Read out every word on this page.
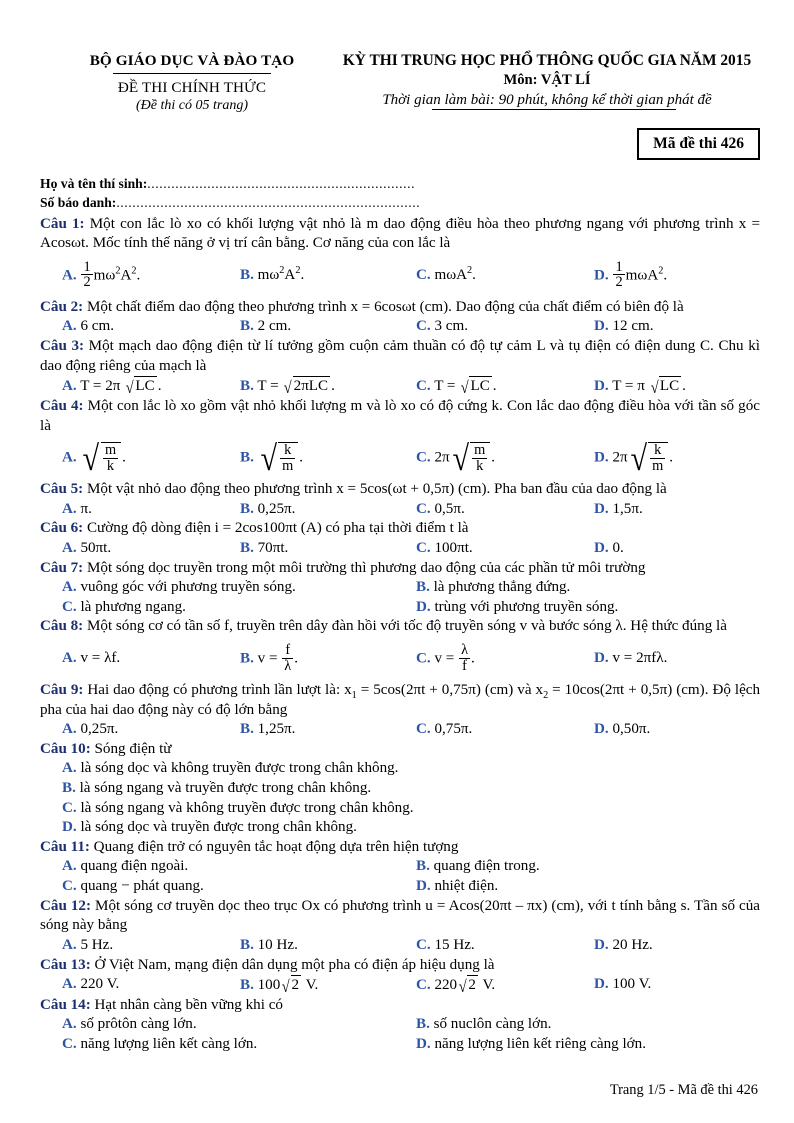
BỘ GIÁO DỤC VÀ ĐÀO TẠO
ĐỀ THI CHÍNH THỨC
(Đề thi có 05 trang)
KỲ THI TRUNG HỌC PHỔ THÔNG QUỐC GIA NĂM 2015
Môn: VẬT LÍ
Thời gian làm bài: 90 phút, không kể thời gian phát đề
Mã đề thi 426
Họ và tên thí sinh:...................................................................
Số báo danh:............................................................................
Câu 1: Một con lắc lò xo có khối lượng vật nhỏ là m dao động điều hòa theo phương ngang với phương trình x = Acosωt. Mốc tính thế năng ở vị trí cân bằng. Cơ năng của con lắc là
A. $\frac{1}{2} m\omega^2A^2$.	B. $m\omega^2A^2$.	C. mωA$^2$.	D. $\frac{1}{2} m\omega A^2$.
Câu 2: Một chất điểm dao động theo phương trình x = 6cosωt (cm). Dao động của chất điểm có biên độ là
A. 6 cm.	B. 2 cm.	C. 3 cm.	D. 12 cm.
Câu 3: Một mạch dao động điện từ lí tưởng gồm cuộn cảm thuần có độ tự cảm L và tụ điện có điện dung C. Chu kì dao động riêng của mạch là
A. T = 2π √ LC .	B. T = √ 2πLC .	C. T = √ LC .	D. T = π √ LC .
Câu 4: Một con lắc lò xo gồm vật nhỏ khối lượng m và lò xo có độ cứng k. Con lắc dao động điều hòa với tần số góc là
A. √ $\frac{m}{k}$ .	B. √ $\frac{k}{m}$ .	C. 2π √ $\frac{m}{k}$ .	D. 2π √ $\frac{k}{m}$ .
Câu 5: Một vật nhỏ dao động theo phương trình x = 5cos(ωt + 0,5π) (cm). Pha ban đầu của dao động là
A. π.	B. 0,25π.	C. 0,5π.	D. 1,5π.
Câu 6: Cường độ dòng điện i = 2cos100πt (A) có pha tại thời điểm t là
A. 50πt.	B. 70πt.	C. 100πt.	D. 0.
Câu 7: Một sóng dọc truyền trong một môi trường thì phương dao động của các phần tử môi trường
A. vuông góc với phương truyền sóng.	B. là phương thẳng đứng.
C. là phương ngang.	D. trùng với phương truyền sóng.
Câu 8: Một sóng cơ có tần số f, truyền trên dây đàn hồi với tốc độ truyền sóng v và bước sóng λ. Hệ thức đúng là
A. v = λf.	B. $v = \frac{f}{\lambda}$ .	C. $v = \frac{\lambda}{f}$ .	D. v = 2πfλ.
Câu 9: Hai dao động có phương trình lần lượt là: $x_1 = 5\cos(2\pi t + 0,75\pi)$ (cm) và $x_2 = 10\cos(2\pi t + 0,5\pi)$ (cm). Độ lệch pha của hai dao động này có độ lớn bằng
A. 0,25π.	B. 1,25π.	C. 0,75π.	D. 0,50π.
Câu 10: Sóng điện từ
A. là sóng dọc và không truyền được trong chân không.
B. là sóng ngang và truyền được trong chân không.
C. là sóng ngang và không truyền được trong chân không.
D. là sóng dọc và truyền được trong chân không.
Câu 11: Quang điện trở có nguyên tắc hoạt động dựa trên hiện tượng
A. quang điện ngoài.	B. quang điện trong.
C. quang − phát quang.	D. nhiệt điện.
Câu 12: Một sóng cơ truyền dọc theo trục Ox có phương trình u = Acos(20πt – πx) (cm), với t tính bằng s. Tần số của sóng này bằng
A. 5 Hz.	B. 10 Hz.	C. 15 Hz.	D. 20 Hz.
Câu 13: Ở Việt Nam, mạng điện dân dụng một pha có điện áp hiệu dụng là
A. 220 V.	B. 100 √ 2 V.	C. 220 √ 2 V.	D. 100 V.
Câu 14: Hạt nhân càng bền vững khi có
A. số prôtôn càng lớn.	B. số nuclôn càng lớn.
C. năng lượng liên kết càng lớn.	D. năng lượng liên kết riêng càng lớn.
Trang 1/5 - Mã đề thi 426
